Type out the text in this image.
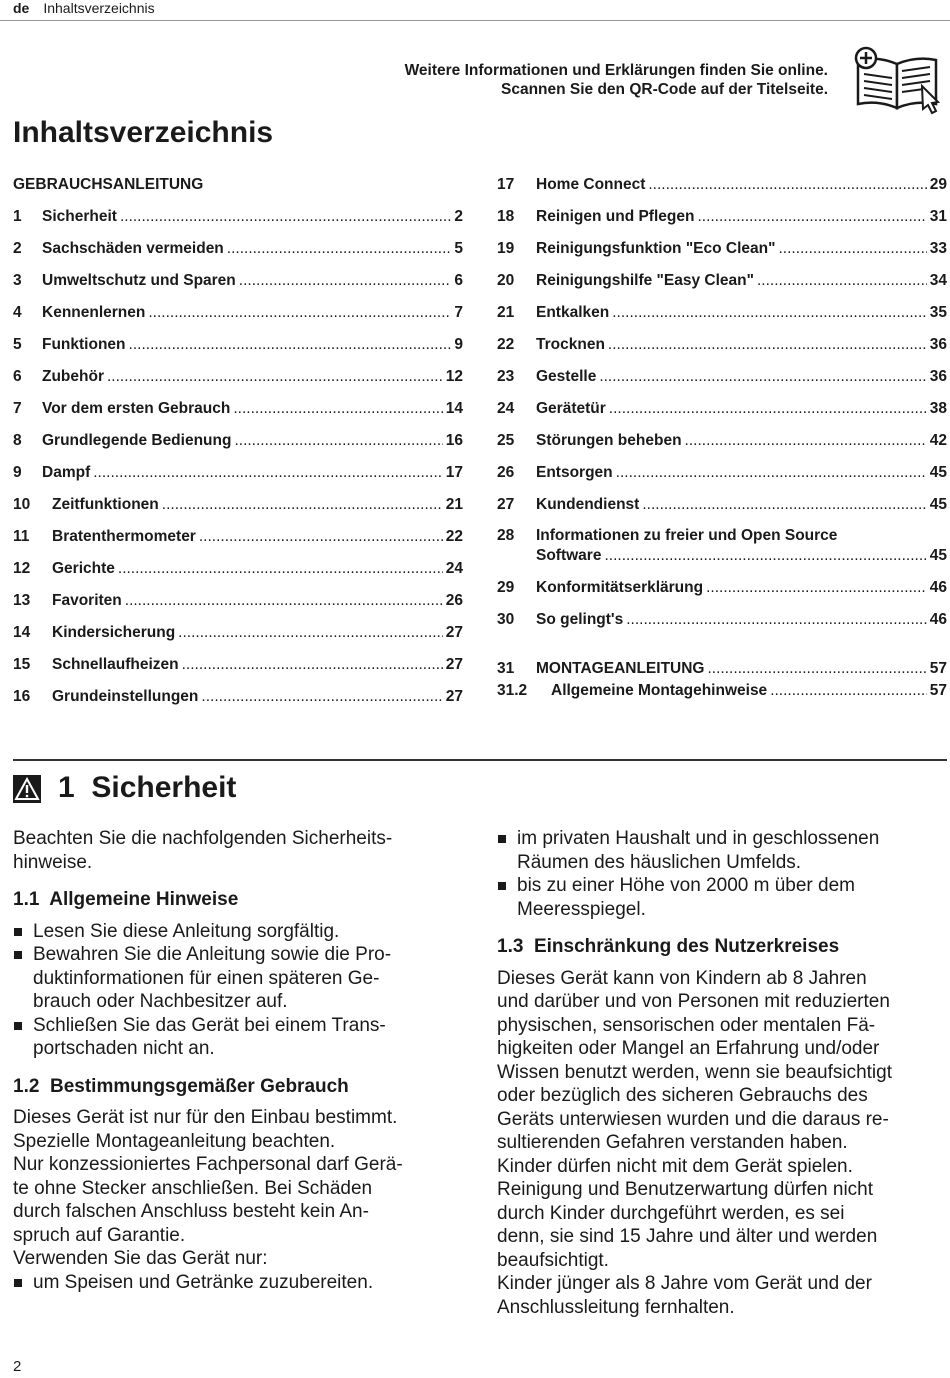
de Inhaltsverzeichnis
Weitere Informationen und Erklärungen finden Sie online.
Scannen Sie den QR-Code auf der Titelseite.
Inhaltsverzeichnis
GEBRAUCHSANLEITUNG
1	Sicherheit .....	2
2	Sachschäden vermeiden .....	5
3	Umweltschutz und Sparen .....	6
4	Kennenlernen .....	7
5	Funktionen .....	9
6	Zubehör .....	12
7	Vor dem ersten Gebrauch .....	14
8	Grundlegende Bedienung .....	16
9	Dampf .....	17
10	Zeitfunktionen .....	21
11	Bratenthermometer .....	22
12	Gerichte .....	24
13	Favoriten .....	26
14	Kindersicherung .....	27
15	Schnellaufheizen .....	27
16	Grundeinstellungen .....	27
17	Home Connect .....	29
18	Reinigen und Pflegen .....	31
19	Reinigungsfunktion "Eco Clean" .....	33
20	Reinigungshilfe "Easy Clean" .....	34
21	Entkalken .....	35
22	Trocknen .....	36
23	Gestelle .....	36
24	Gerätetür .....	38
25	Störungen beheben .....	42
26	Entsorgen .....	45
27	Kundendienst .....	45
28	Informationen zu freier und Open Source
Software .....	45
29	Konformitätserklärung .....	46
30	So gelingt's .....	46
31	MONTAGEANLEITUNG .....	57
31.2	Allgemeine Montagehinweise .....	57
1 Sicherheit

Beachten Sie die nachfolgenden Sicherheits-

hinweise.

1.1 Allgemeine Hinweise
Lesen Sie diese Anleitung sorgfältig.
Bewahren Sie die Anleitung sowie die Pro-
duktinformationen für einen späteren Ge-
brauch oder Nachbesitzer auf.
Schließen Sie das Gerät bei einem Trans-
portschaden nicht an.
1.2 Bestimmungsgemäßer Gebrauch

Dieses Gerät ist nur für den Einbau bestimmt.

Spezielle Montageanleitung beachten.

Nur konzessioniertes Fachpersonal darf Gerä-

te ohne Stecker anschließen. Bei Schäden

durch falschen Anschluss besteht kein An-

spruch auf Garantie.

Verwenden Sie das Gerät nur:

um Speisen und Getränke zuzubereiten.
im privaten Haushalt und in geschlossenen
Räumen des häuslichen Umfelds.
bis zu einer Höhe von 2000 m über dem
Meeresspiegel.
1.3 Einschränkung des Nutzerkreises

Dieses Gerät kann von Kindern ab 8 Jahren

und darüber und von Personen mit reduzierten

physischen, sensorischen oder mentalen Fä-

higkeiten oder Mangel an Erfahrung und/oder

Wissen benutzt werden, wenn sie beaufsichtigt

oder bezüglich des sicheren Gebrauchs des

Geräts unterwiesen wurden und die daraus re-

sultierenden Gefahren verstanden haben.

Kinder dürfen nicht mit dem Gerät spielen.

Reinigung und Benutzerwartung dürfen nicht

durch Kinder durchgeführt werden, es sei

denn, sie sind 15 Jahre und älter und werden

beaufsichtigt.

Kinder jünger als 8 Jahre vom Gerät und der

Anschlussleitung fernhalten.

2
